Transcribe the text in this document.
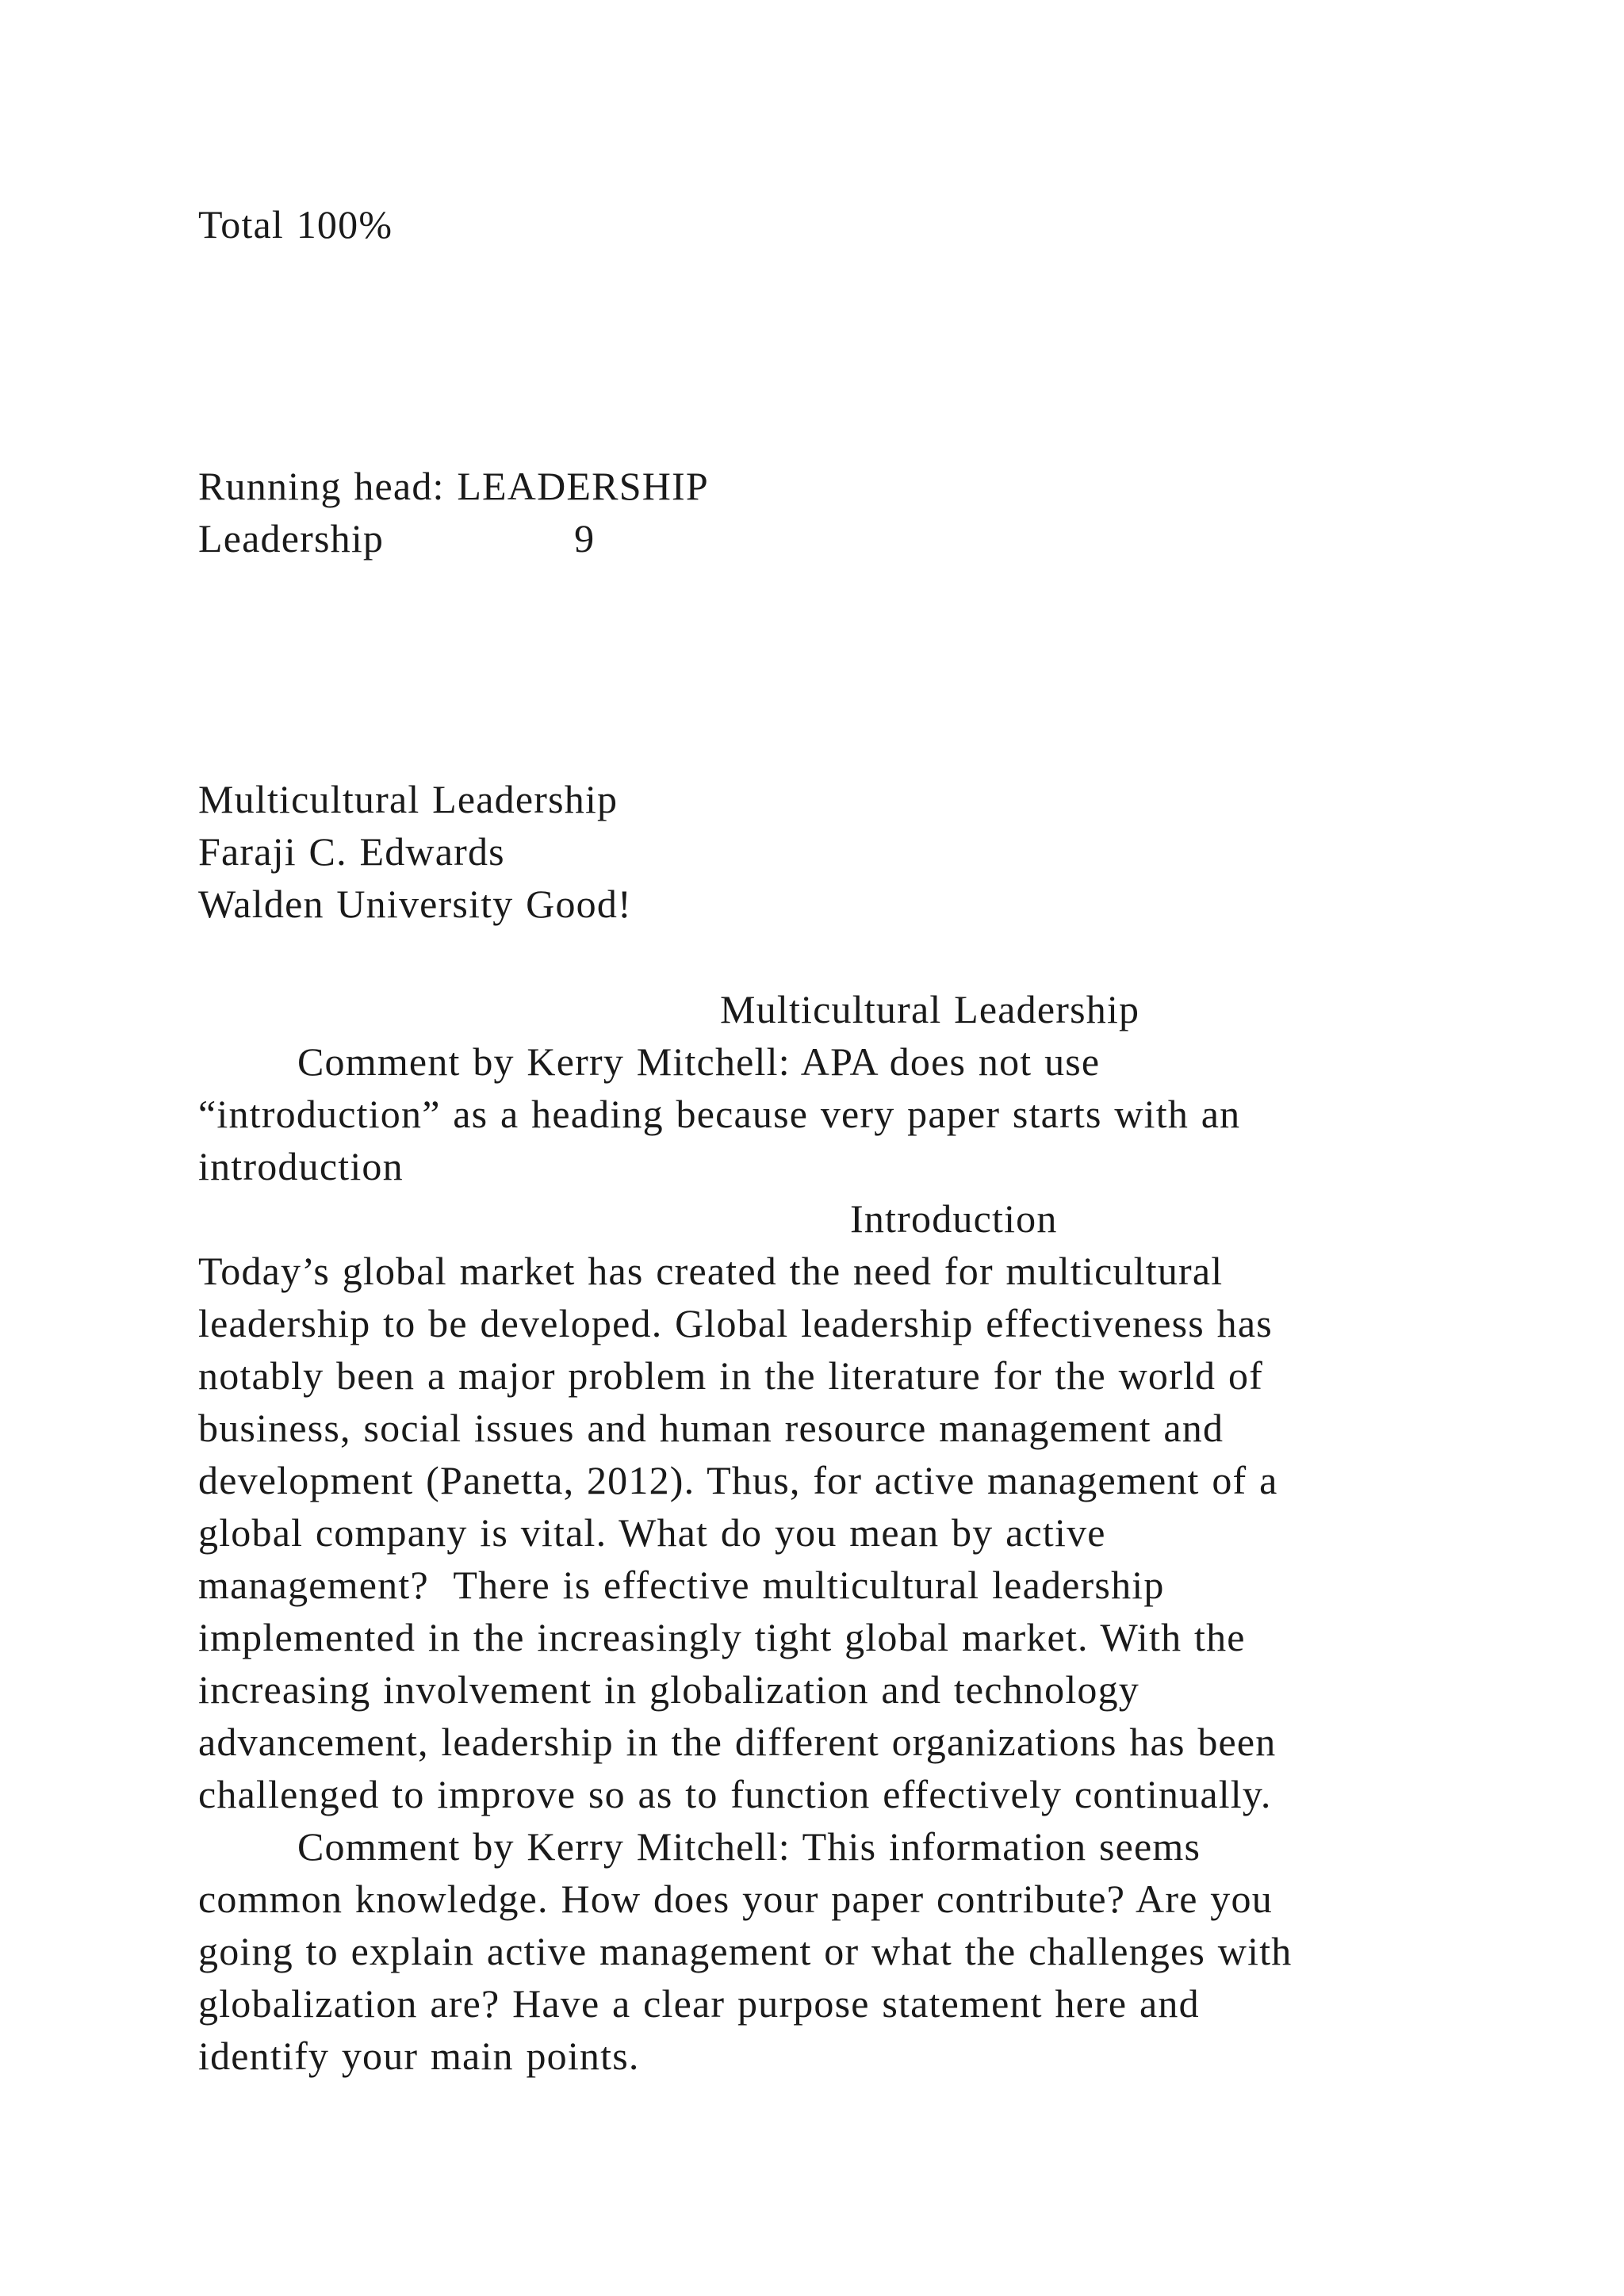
Total 100%
Running head: LEADERSHIP
Leadership	9
Multicultural Leadership
Faraji C. Edwards
Walden University Good!
Multicultural Leadership
Comment by Kerry Mitchell: APA does not use
“introduction” as a heading because very paper starts with an
introduction
Introduction
Today’s global market has created the need for multicultural
leadership to be developed. Global leadership effectiveness has
notably been a major problem in the literature for the world of
business, social issues and human resource management and
development (Panetta, 2012). Thus, for active management of a
global company is vital. What do you mean by active
management?  There is effective multicultural leadership
implemented in the increasingly tight global market. With the
increasing involvement in globalization and technology
advancement, leadership in the different organizations has been
challenged to improve so as to function effectively continually.
Comment by Kerry Mitchell: This information seems
common knowledge. How does your paper contribute? Are you
going to explain active management or what the challenges with
globalization are? Have a clear purpose statement here and
identify your main points.
